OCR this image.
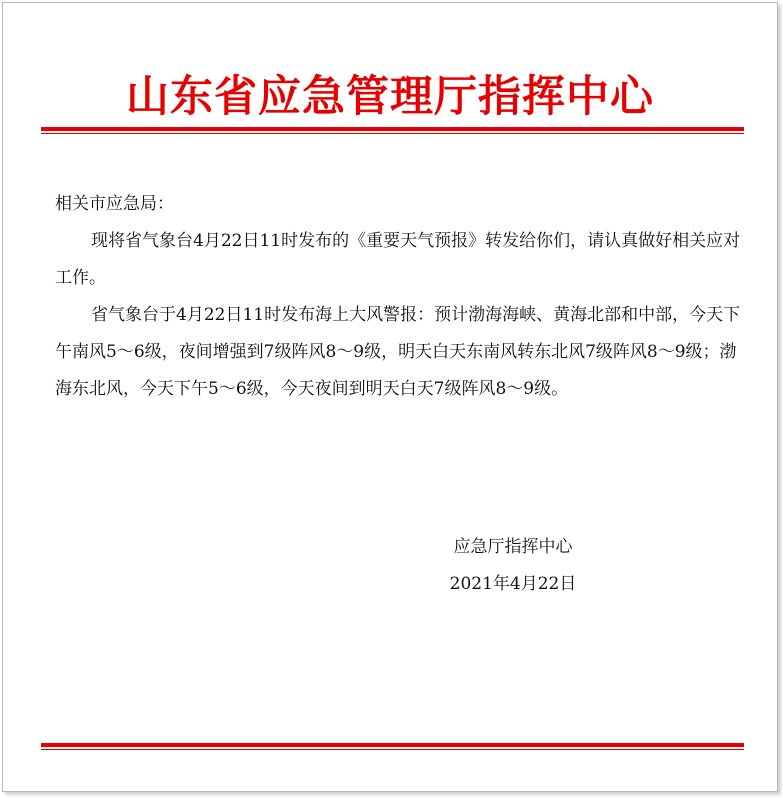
山东省应急管理厅指挥中心

相关市应急局：

现将省气象台4月22日11时发布的《重要天气预报》转发给你们，请认真做好相关应对工作。

省气象台于4月22日11时发布海上大风警报：预计渤海海峡、黄海北部和中部，今天下午南风5～6级，夜间增强到7级阵风8～9级，明天白天东南风转东北风7级阵风8～9级；渤海东北风，今天下午5～6级，今天夜间到明天白天7级阵风8～9级。

应急厅指挥中心
2021年4月22日
